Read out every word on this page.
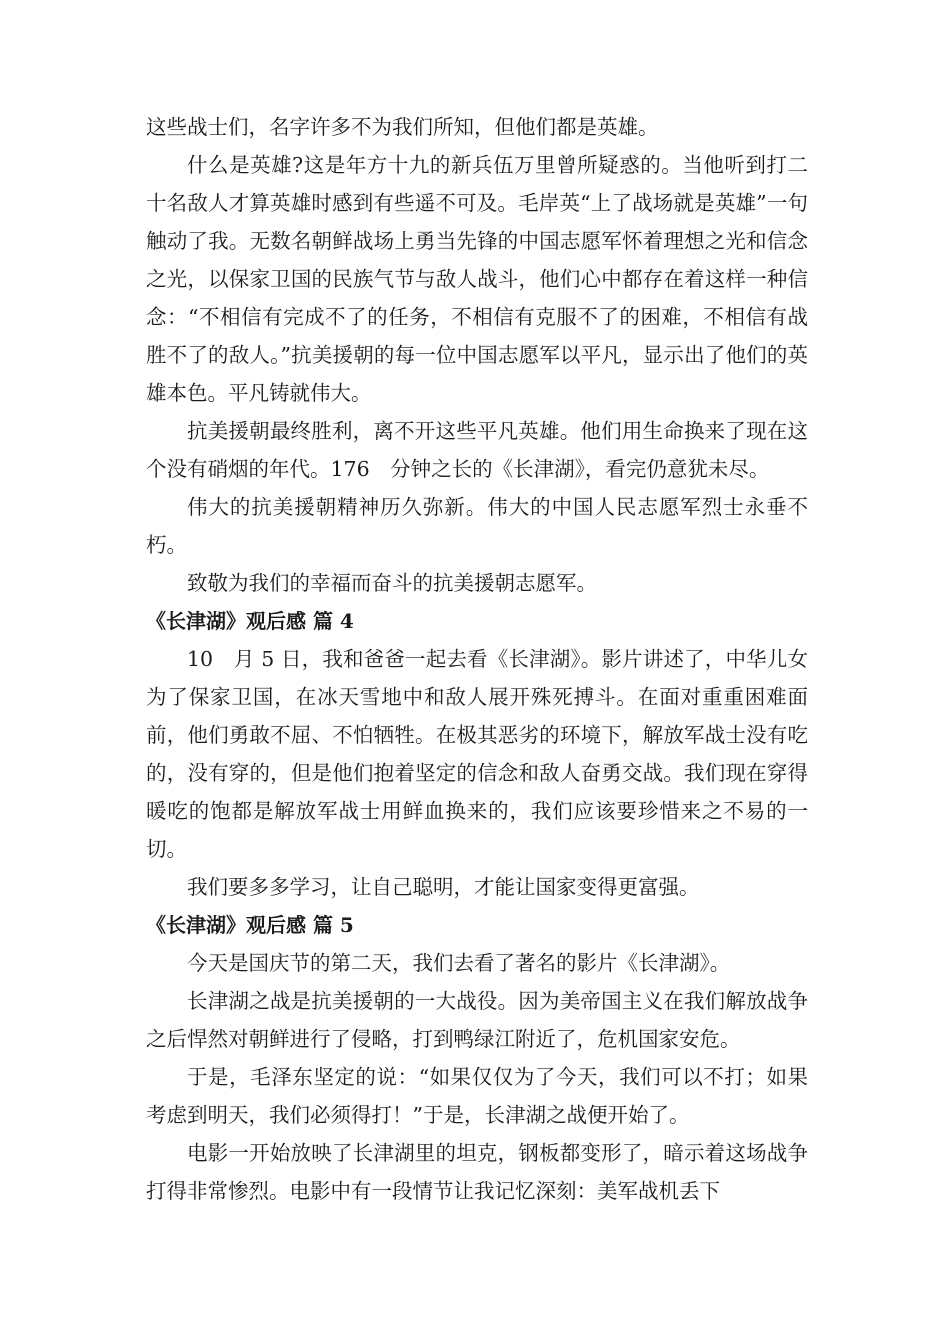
这些战士们，名字许多不为我们所知，但他们都是英雄。

什么是英雄?这是年方十九的新兵伍万里曾所疑惑的。当他听到打二十名敌人才算英雄时感到有些遥不可及。毛岸英“上了战场就是英雄”一句触动了我。无数名朝鲜战场上勇当先锋的中国志愿军怀着理想之光和信念之光，以保家卫国的民族气节与敌人战斗，他们心中都存在着这样一种信念：“不相信有完成不了的任务，不相信有克服不了的困难，不相信有战胜不了的敌人。”抗美援朝的每一位中国志愿军以平凡，显示出了他们的英雄本色。平凡铸就伟大。

抗美援朝最终胜利，离不开这些平凡英雄。他们用生命换来了现在这个没有硝烟的年代。176　分钟之长的《长津湖》，看完仍意犹未尽。

伟大的抗美援朝精神历久弥新。伟大的中国人民志愿军烈士永垂不朽。

致敬为我们的幸福而奋斗的抗美援朝志愿军。

《长津湖》观后感 篇 4

10　月 5 日，我和爸爸一起去看《长津湖》。影片讲述了，中华儿女为了保家卫国，在冰天雪地中和敌人展开殊死搏斗。在面对重重困难面前，他们勇敢不屈、不怕牺牲。在极其恶劣的环境下，解放军战士没有吃的，没有穿的，但是他们抱着坚定的信念和敌人奋勇交战。我们现在穿得暖吃的饱都是解放军战士用鲜血换来的，我们应该要珍惜来之不易的一切。

我们要多多学习，让自己聪明，才能让国家变得更富强。

《长津湖》观后感 篇 5

今天是国庆节的第二天，我们去看了著名的影片《长津湖》。

长津湖之战是抗美援朝的一大战役。因为美帝国主义在我们解放战争之后悍然对朝鲜进行了侵略，打到鸭绿江附近了，危机国家安危。

于是，毛泽东坚定的说：“如果仅仅为了今天，我们可以不打；如果考虑到明天，我们必须得打！”于是，长津湖之战便开始了。

电影一开始放映了长津湖里的坦克，钢板都变形了，暗示着这场战争打得非常惨烈。电影中有一段情节让我记忆深刻：美军战机丢下
